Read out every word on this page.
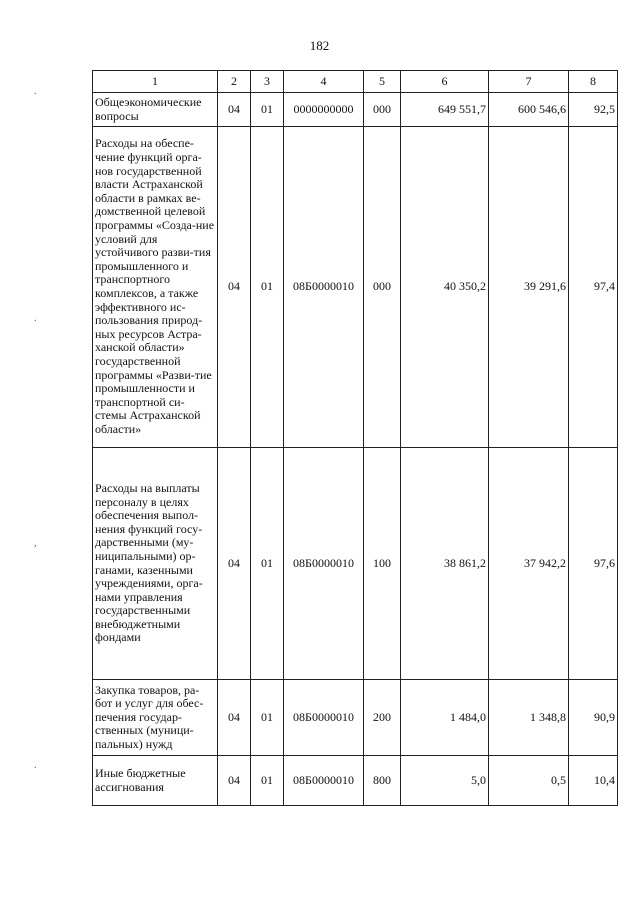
182
.
.
,
.
1	2	3	4	5	6	7	8
Общеэкономические вопросы	04	01	0000000000	000	649 551,7	600 546,6	92,5
Расходы на обеспе-чение функций орга-нов государственной власти Астраханской области в рамках ве-домственной целевой программы «Созда-ние условий для устойчивого разви-тия промышленного и транспортного комплексов, а также эффективного ис-пользования природ-ных ресурсов Астра-ханской области» государственной программы «Разви-тие промышленности и транспортной си-стемы Астраханской области»	04	01	08Б0000010	000	40 350,2	39 291,6	97,4
Расходы на выплаты персоналу в целях обеспечения выпол-нения функций госу-дарственными (му-ниципальными) ор-ганами, казенными учреждениями, орга-нами управления государственными внебюджетными фондами	04	01	08Б0000010	100	38 861,2	37 942,2	97,6
Закупка товаров, ра-бот и услуг для обес-печения государ-ственных (муници-пальных) нужд	04	01	08Б0000010	200	1 484,0	1 348,8	90,9
Иные бюджетные ассигнования	04	01	08Б0000010	800	5,0	0,5	10,4
